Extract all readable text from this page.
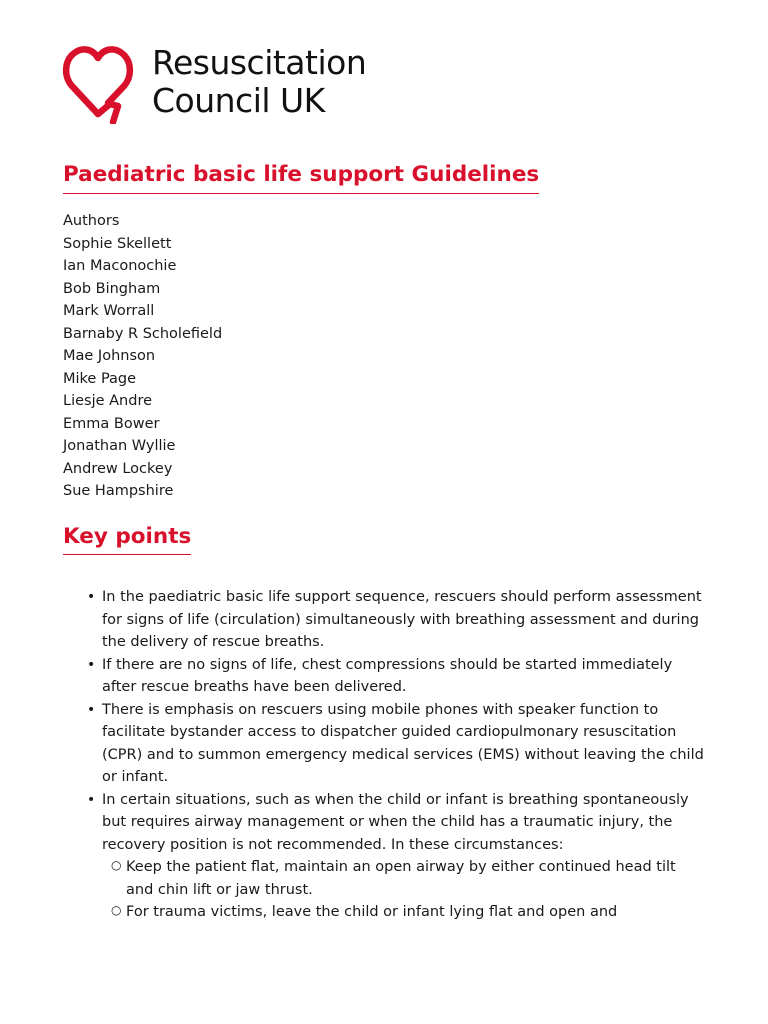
Resuscitation
Council UK
Paediatric basic life support Guidelines
Authors
Sophie Skellett
Ian Maconochie
Bob Bingham
Mark Worrall
Barnaby R Scholefield
Mae Johnson
Mike Page
Liesje Andre
Emma Bower
Jonathan Wyllie
Andrew Lockey
Sue Hampshire
Key points
• In the paediatric basic life support sequence, rescuers should perform assessment for signs of life (circulation) simultaneously with breathing assessment and during the delivery of rescue breaths.
• If there are no signs of life, chest compressions should be started immediately after rescue breaths have been delivered.
• There is emphasis on rescuers using mobile phones with speaker function to facilitate bystander access to dispatcher guided cardiopulmonary resuscitation (CPR) and to summon emergency medical services (EMS) without leaving the child or infant.
• In certain situations, such as when the child or infant is breathing spontaneously but requires airway management or when the child has a traumatic injury, the recovery position is not recommended. In these circumstances:
○ Keep the patient flat, maintain an open airway by either continued head tilt and chin lift or jaw thrust.
○ For trauma victims, leave the child or infant lying flat and open and
